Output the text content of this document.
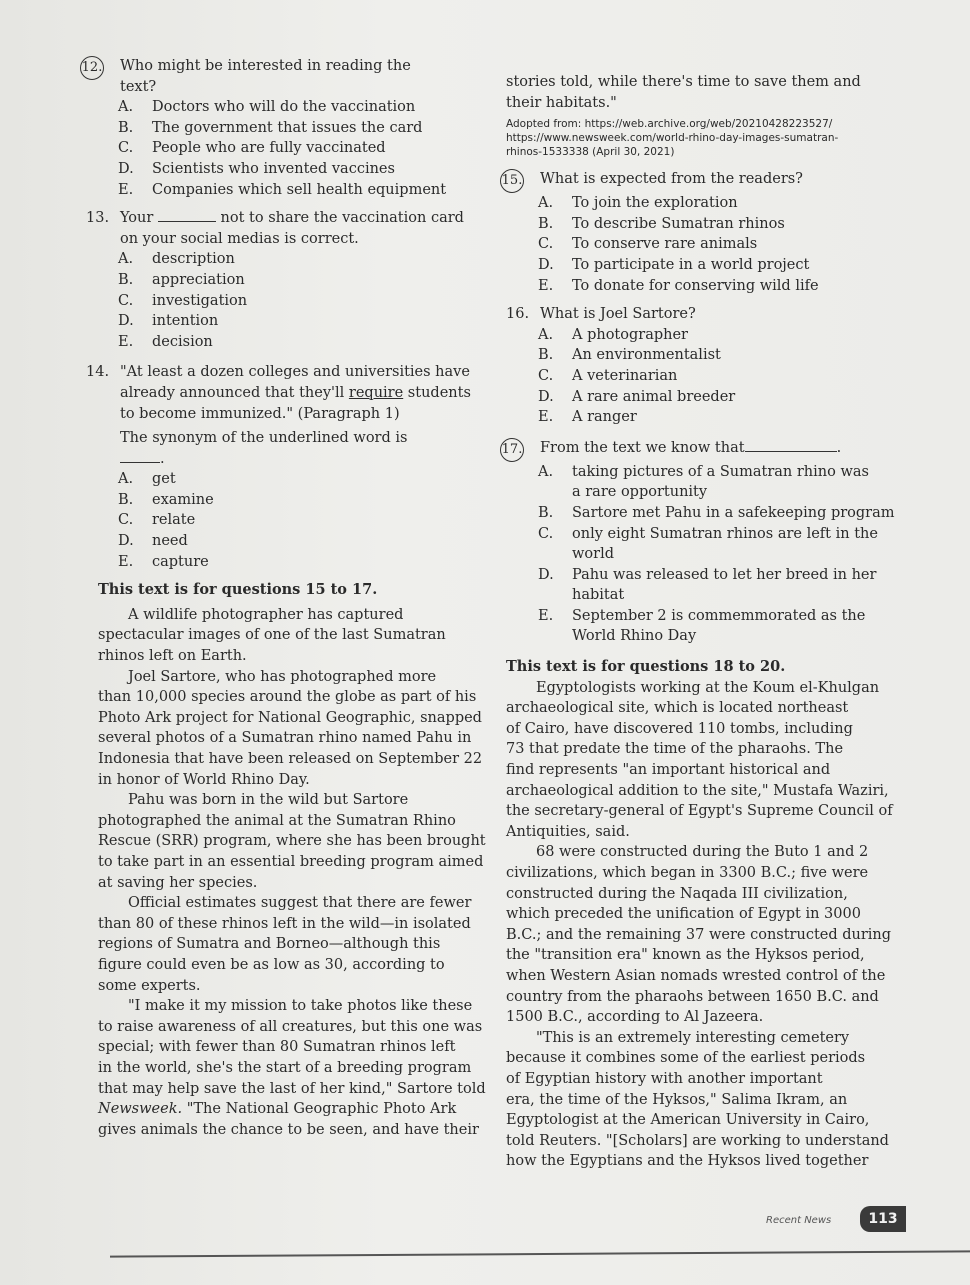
12.	Who might be interested in reading the
text?
A.	Doctors who will do the vaccination
B.	The government that issues the card
C.	People who are fully vaccinated
D.	Scientists who invented vaccines
E.	Companies which sell health equipment
13. Your	not to share the vaccination card
on your social medias is correct.
A.	description
B.	appreciation
C.	investigation
D.	intention
E.	decision
14. "At least a dozen colleges and universities have
already announced that they'll require students
to become immunized." (Paragraph 1)
The synonym of the underlined word is
.
A.	get
B.	examine
C.	relate
D.	need
E.	capture

This text is for questions 15 to 17.

A wildlife photographer has captured
spectacular images of one of the last Sumatran
rhinos left on Earth.
Joel Sartore, who has photographed more
than 10,000 species around the globe as part of his
Photo Ark project for National Geographic, snapped
several photos of a Sumatran rhino named Pahu in
Indonesia that have been released on September 22
in honor of World Rhino Day.
Pahu was born in the wild but Sartore
photographed the animal at the Sumatran Rhino
Rescue (SRR) program, where she has been brought
to take part in an essential breeding program aimed
at saving her species.
Official estimates suggest that there are fewer
than 80 of these rhinos left in the wild—in isolated
regions of Sumatra and Borneo—although this
figure could even be as low as 30, according to
some experts.
"I make it my mission to take photos like these
to raise awareness of all creatures, but this one was
special; with fewer than 80 Sumatran rhinos left
in the world, she's the start of a breeding program
that may help save the last of her kind," Sartore told
Newsweek. "The National Geographic Photo Ark
gives animals the chance to be seen, and have their
stories told, while there's time to save them and
their habitats."
Adopted from: https://web.archive.org/web/20210428223527/
https://www.newsweek.com/world-rhino-day-images-sumatran-
rhinos-1533338 (April 30, 2021)
15.	What is expected from the readers?
A.	To join the exploration
B.	To describe Sumatran rhinos
C.	To conserve rare animals
D.	To participate in a world project
E.	To donate for conserving wild life
16. What is Joel Sartore?
A.	A photographer
B.	An environmentalist
C.	A veterinarian
D.	A rare animal breeder
E.	A ranger
17.	From the text we know that	.
A.	taking pictures of a Sumatran rhino was
a rare opportunity
B.	Sartore met Pahu in a safekeeping program
C.	only eight Sumatran rhinos are left in the
world
D.	Pahu was released to let her breed in her
habitat
E.	September 2 is commemmorated as the
World Rhino Day

This text is for questions 18 to 20.

Egyptologists working at the Koum el-Khulgan
archaeological site, which is located northeast
of Cairo, have discovered 110 tombs, including
73 that predate the time of the pharaohs. The
find represents "an important historical and
archaeological addition to the site," Mustafa Waziri,
the secretary-general of Egypt's Supreme Council of
Antiquities, said.
68 were constructed during the Buto 1 and 2
civilizations, which began in 3300 B.C.; five were
constructed during the Naqada III civilization,
which preceded the unification of Egypt in 3000
B.C.; and the remaining 37 were constructed during
the "transition era" known as the Hyksos period,
when Western Asian nomads wrested control of the
country from the pharaohs between 1650 B.C. and
1500 B.C., according to Al Jazeera.
"This is an extremely interesting cemetery
because it combines some of the earliest periods
of Egyptian history with another important
era, the time of the Hyksos," Salima Ikram, an
Egyptologist at the American University in Cairo,
told Reuters. "[Scholars] are working to understand
how the Egyptians and the Hyksos lived together
Recent News	113
